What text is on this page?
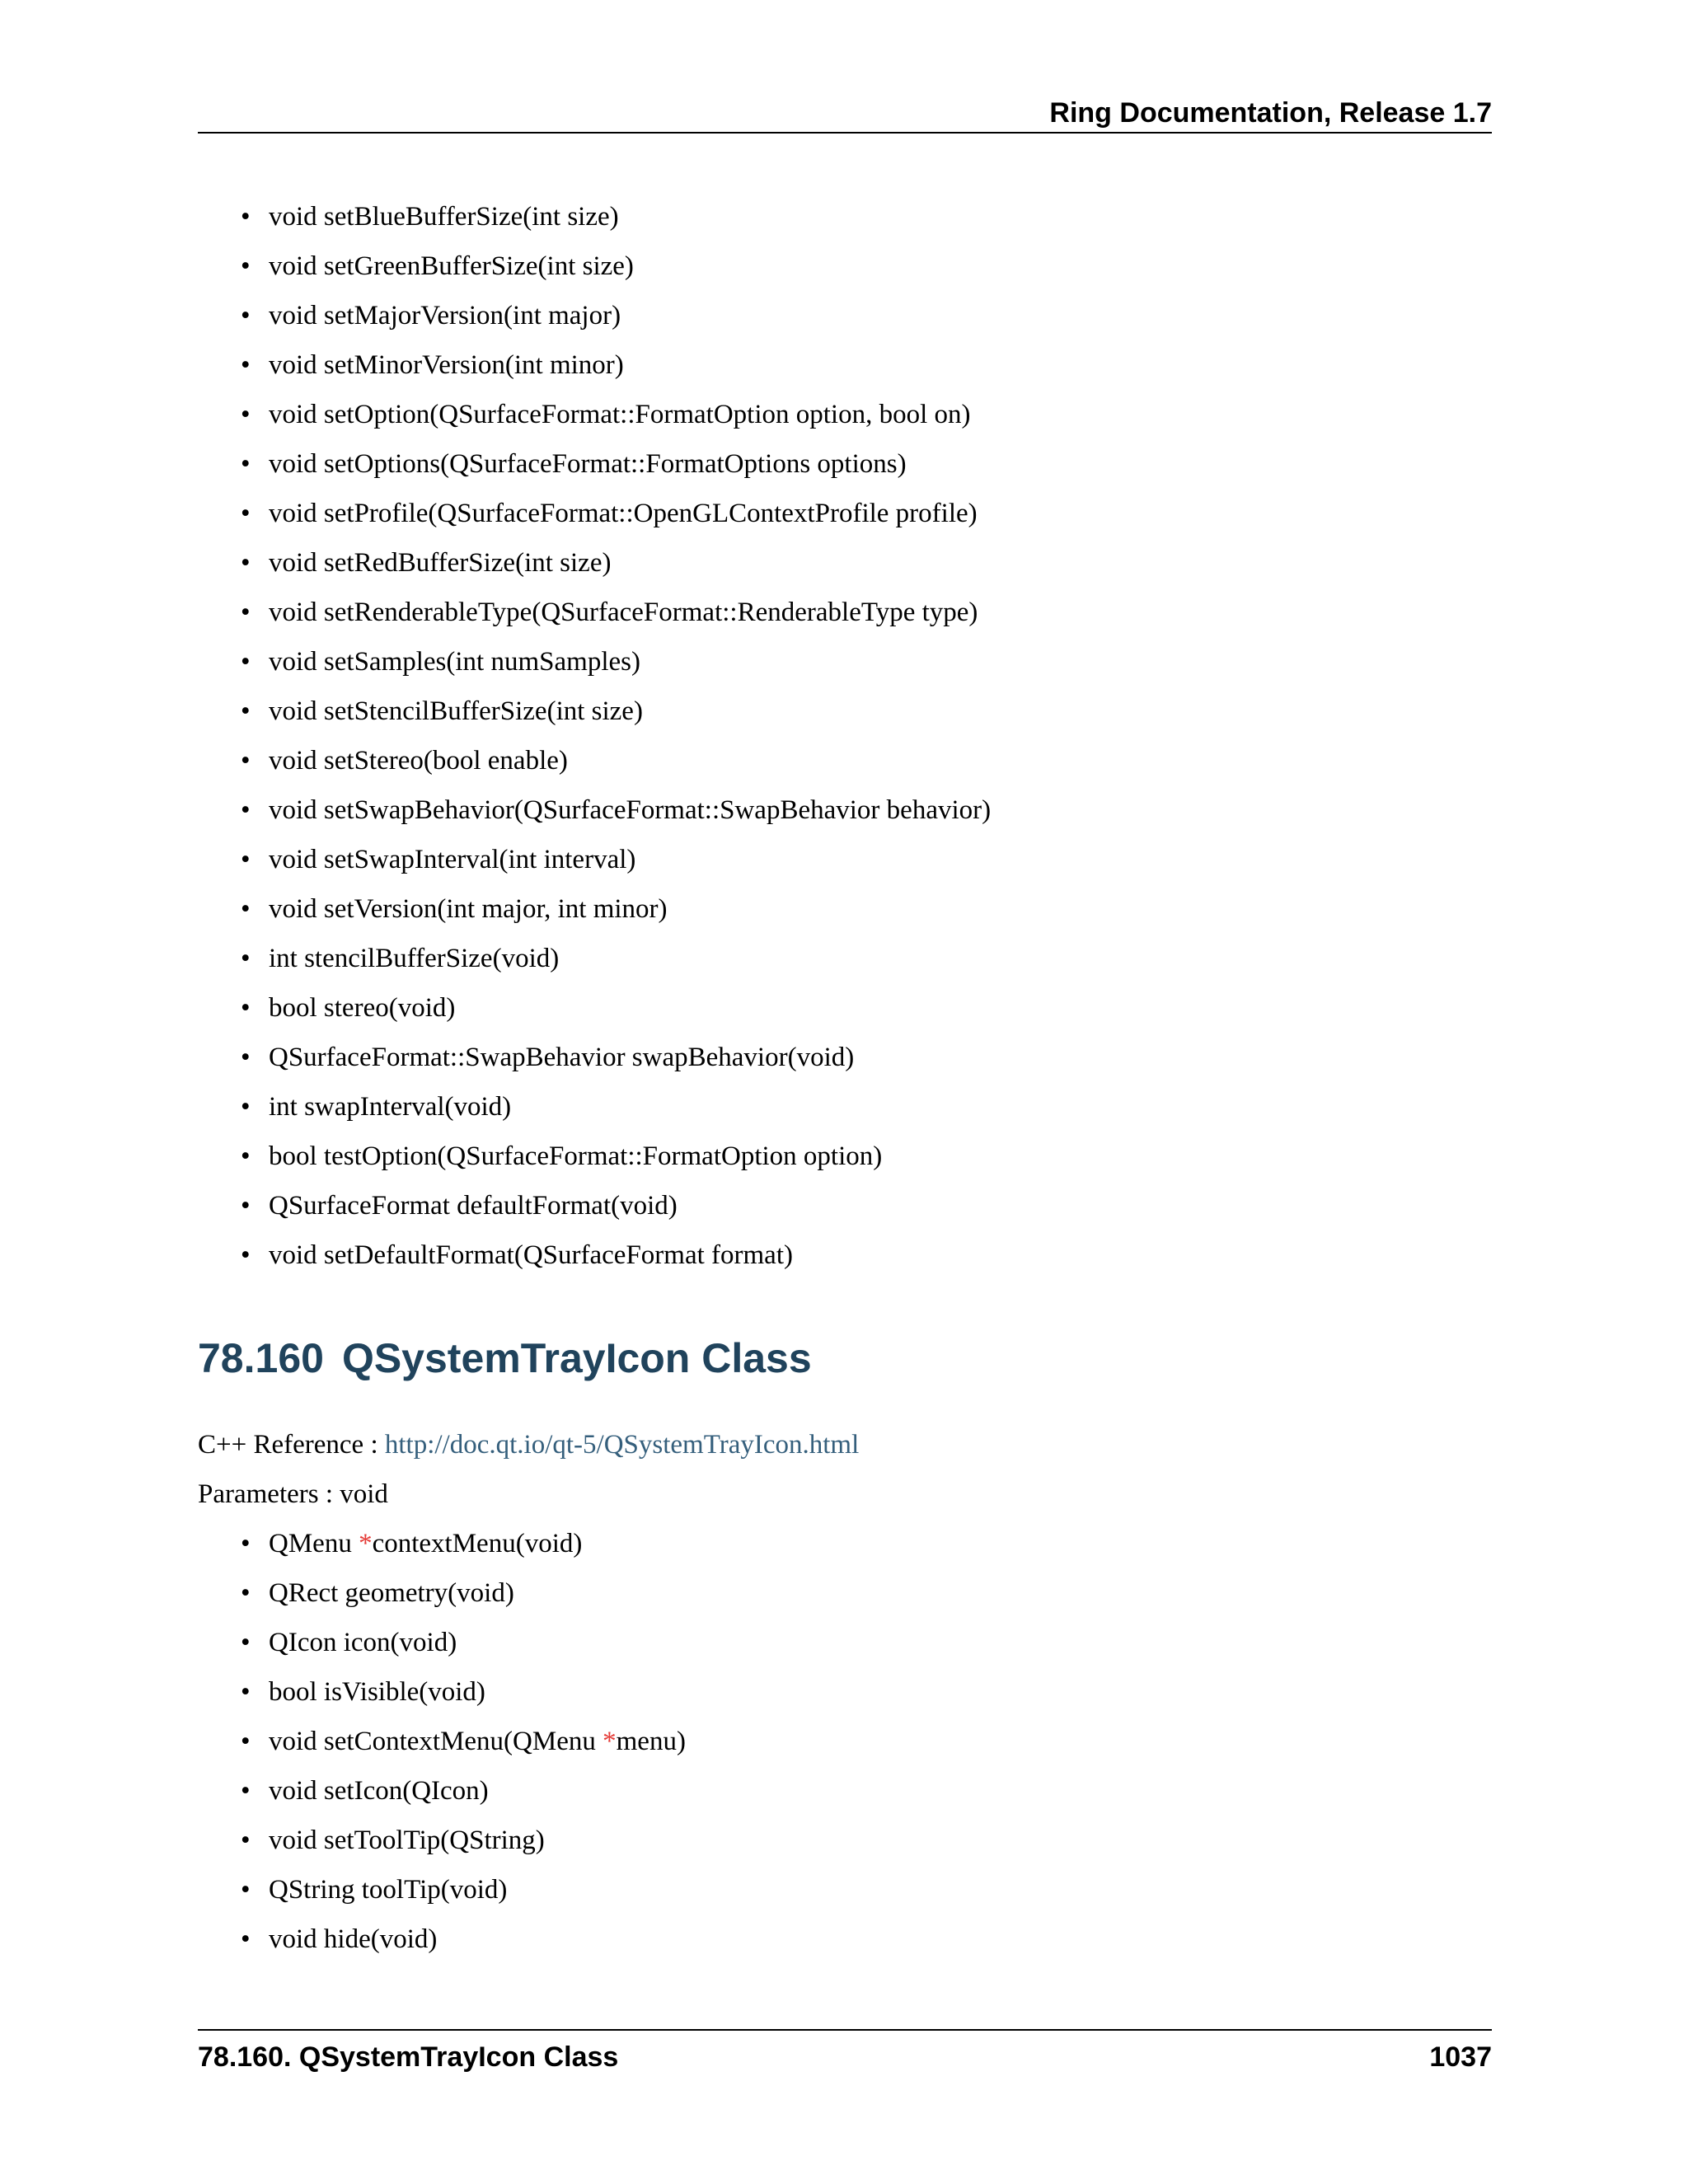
Ring Documentation, Release 1.7
• void setBlueBufferSize(int size)
• void setGreenBufferSize(int size)
• void setMajorVersion(int major)
• void setMinorVersion(int minor)
• void setOption(QSurfaceFormat::FormatOption option, bool on)
• void setOptions(QSurfaceFormat::FormatOptions options)
• void setProfile(QSurfaceFormat::OpenGLContextProfile profile)
• void setRedBufferSize(int size)
• void setRenderableType(QSurfaceFormat::RenderableType type)
• void setSamples(int numSamples)
• void setStencilBufferSize(int size)
• void setStereo(bool enable)
• void setSwapBehavior(QSurfaceFormat::SwapBehavior behavior)
• void setSwapInterval(int interval)
• void setVersion(int major, int minor)
• int stencilBufferSize(void)
• bool stereo(void)
• QSurfaceFormat::SwapBehavior swapBehavior(void)
• int swapInterval(void)
• bool testOption(QSurfaceFormat::FormatOption option)
• QSurfaceFormat defaultFormat(void)
• void setDefaultFormat(QSurfaceFormat format)
78.160 QSystemTrayIcon Class
C++ Reference : http://doc.qt.io/qt-5/QSystemTrayIcon.html
Parameters : void
• QMenu *contextMenu(void)
• QRect geometry(void)
• QIcon icon(void)
• bool isVisible(void)
• void setContextMenu(QMenu *menu)
• void setIcon(QIcon)
• void setToolTip(QString)
• QString toolTip(void)
• void hide(void)
78.160. QSystemTrayIcon Class	1037
